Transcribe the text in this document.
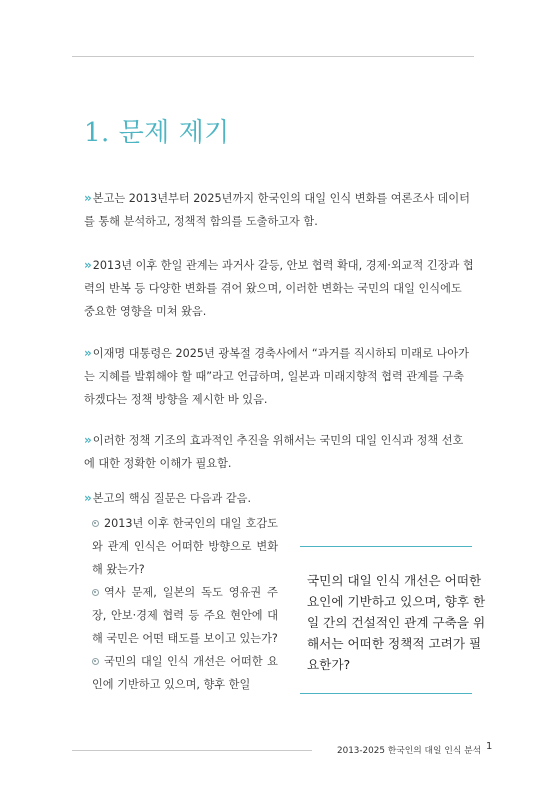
1. 문제 제기

» 본고는 2013년부터 2025년까지 한국인의 대일 인식 변화를 여론조사 데이터를 통해 분석하고, 정책적 함의를 도출하고자 함.

» 2013년 이후 한일 관계는 과거사 갈등, 안보 협력 확대, 경제·외교적 긴장과 협력의 반복 등 다양한 변화를 겪어 왔으며, 이러한 변화는 국민의 대일 인식에도 중요한 영향을 미쳐 왔음.

» 이재명 대통령은 2025년 광복절 경축사에서 “과거를 직시하되 미래로 나아가는 지혜를 발휘해야 할 때”라고 언급하며, 일본과 미래지향적 협력 관계를 구축하겠다는 정책 방향을 제시한 바 있음.

» 이러한 정책 기조의 효과적인 추진을 위해서는 국민의 대일 인식과 정책 선호에 대한 정확한 이해가 필요함.

» 본고의 핵심 질문은 다음과 같음.

2013년 이후 한국인의 대일 호감도와 관계 인식은 어떠한 방향으로 변화해 왔는가?
역사 문제, 일본의 독도 영유권 주장, 안보·경제 협력 등 주요 현안에 대해 국민은 어떤 태도를 보이고 있는가?
국민의 대일 인식 개선은 어떠한 요인에 기반하고 있으며, 향후 한일

국민의 대일 인식 개선은 어떠한 요인에 기반하고 있으며, 향후 한일 간의 건설적인 관계 구축을 위해서는 어떠한 정책적 고려가 필요한가?

2013-2025 한국인의 대일 인식 분석 1
